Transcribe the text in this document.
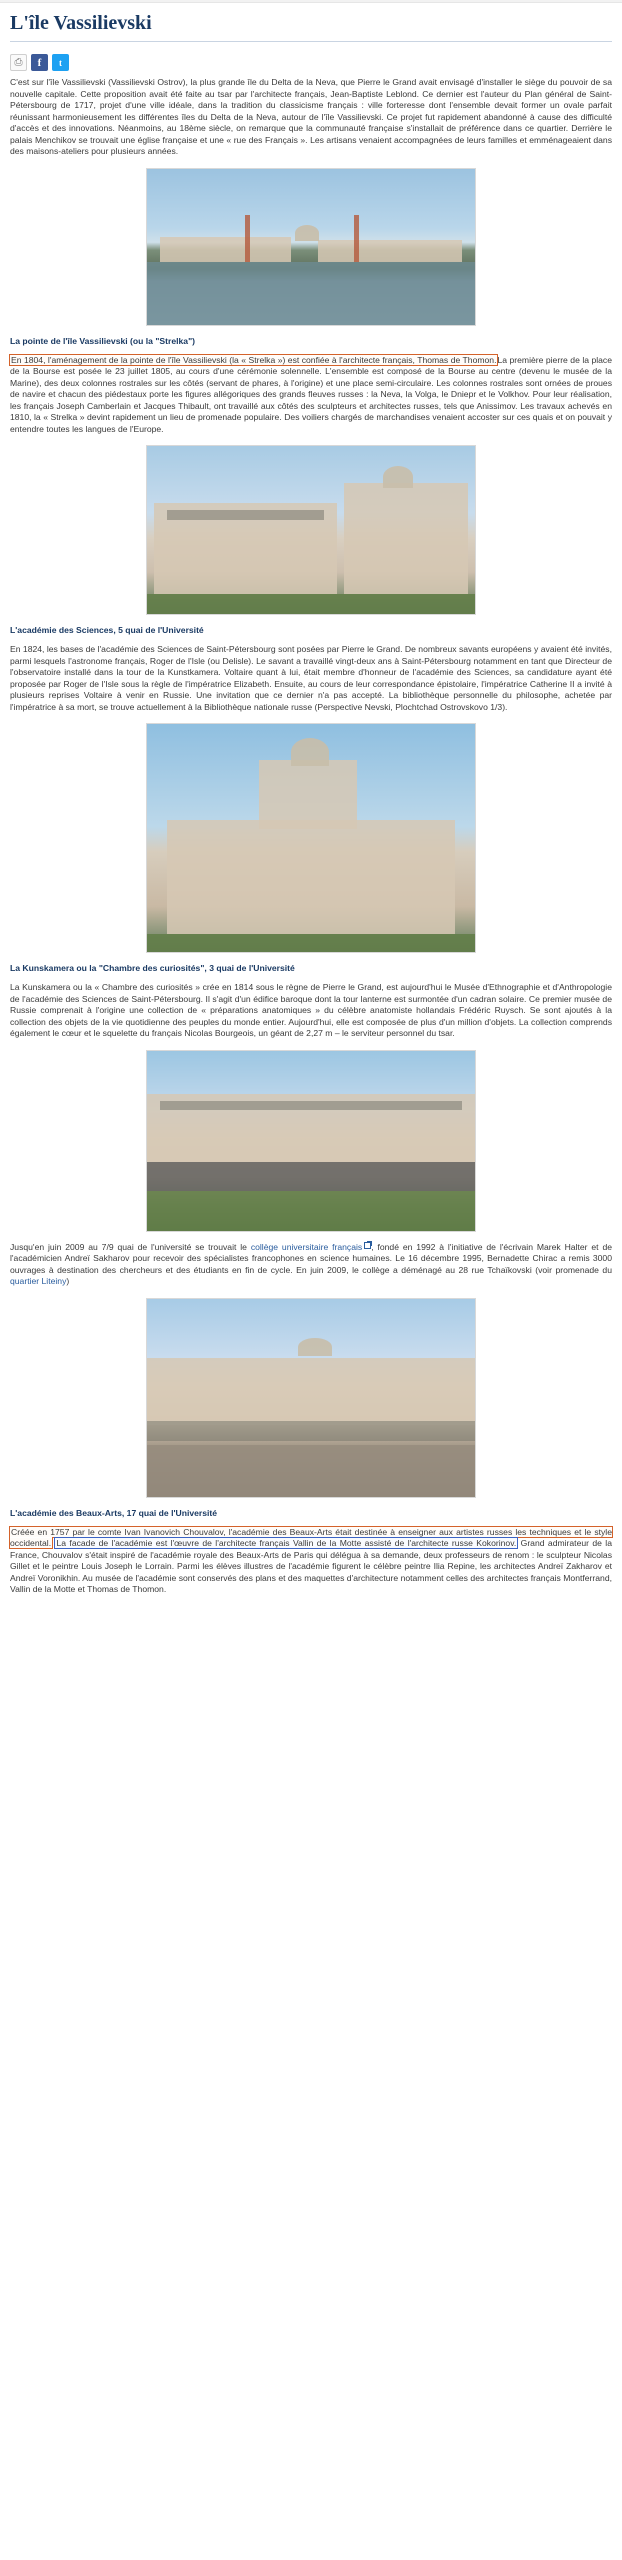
L'île Vassilievski
⎙	f	t

C'est sur l'île Vassilievski (Vassilievski Ostrov), la plus grande île du Delta de la Neva, que Pierre le Grand avait envisagé d'installer le siège du pouvoir de sa nouvelle capitale. Cette proposition avait été faite au tsar par l'architecte français, Jean-Baptiste Leblond. Ce dernier est l'auteur du Plan général de Saint-Pétersbourg de 1717, projet d'une ville idéale, dans la tradition du classicisme français : ville forteresse dont l'ensemble devait former un ovale parfait réunissant harmonieusement les différentes îles du Delta de la Neva, autour de l'île Vassilievski. Ce projet fut rapidement abandonné à cause des difficulté d'accès et des innovations. Néanmoins, au 18ème siècle, on remarque que la communauté française s'installait de préférence dans ce quartier. Derrière le palais Menchikov se trouvait une église française et une « rue des Français ». Les artisans venaient accompagnées de leurs familles et emménageaient dans des maisons-ateliers pour plusieurs années.

La pointe de l'île Vassilievski (ou la "Strelka")

En 1804, l'aménagement de la pointe de l'île Vassilievski (la « Strelka ») est confiée à l'architecte français, Thomas de Thomon.La première pierre de la place de la Bourse est posée le 23 juillet 1805, au cours d'une cérémonie solennelle. L'ensemble est composé de la Bourse au centre (devenu le musée de la Marine), des deux colonnes rostrales sur les côtés (servant de phares, à l'origine) et une place semi-circulaire. Les colonnes rostrales sont ornées de proues de navire et chacun des piédestaux porte les figures allégoriques des grands fleuves russes : la Neva, la Volga, le Dniepr et le Volkhov. Pour leur réalisation, les français Joseph Camberlain et Jacques Thibault, ont travaillé aux côtés des sculpteurs et architectes russes, tels que Anissimov. Les travaux achevés en 1810, la « Strelka » devint rapidement un lieu de promenade populaire. Des voiliers chargés de marchandises venaient accoster sur ces quais et on pouvait y entendre toutes les langues de l'Europe.

L'académie des Sciences, 5 quai de l'Université

En 1824, les bases de l'académie des Sciences de Saint-Pétersbourg sont posées par Pierre le Grand. De nombreux savants européens y avaient été invités, parmi lesquels l'astronome français, Roger de l'Isle (ou Delisle). Le savant a travaillé vingt-deux ans à Saint-Pétersbourg notamment en tant que Directeur de l'observatoire installé dans la tour de la Kunstkamera. Voltaire quant à lui, était membre d'honneur de l'académie des Sciences, sa candidature ayant été proposée par Roger de l'Isle sous la règle de l'impératrice Elizabeth. Ensuite, au cours de leur correspondance épistolaire, l'impératrice Catherine II a invité à plusieurs reprises Voltaire à venir en Russie. Une invitation que ce dernier n'a pas accepté. La bibliothèque personnelle du philosophe, achetée par l'impératrice à sa mort, se trouve actuellement à la Bibliothèque nationale russe (Perspective Nevski, Plochtchad Ostrovskovo 1/3).

La Kunskamera ou la "Chambre des curiosités", 3 quai de l'Université

La Kunskamera ou la « Chambre des curiosités » crée en 1814 sous le règne de Pierre le Grand, est aujourd'hui le Musée d'Ethnographie et d'Anthropologie de l'académie des Sciences de Saint-Pétersbourg. Il s'agit d'un édifice baroque dont la tour lanterne est surmontée d'un cadran solaire. Ce premier musée de Russie comprenait à l'origine une collection de « préparations anatomiques » du célèbre anatomiste hollandais Frédéric Ruysch. Se sont ajoutés à la collection des objets de la vie quotidienne des peuples du monde entier. Aujourd'hui, elle est composée de plus d'un million d'objets. La collection comprends également le cœur et le squelette du français Nicolas Bourgeois, un géant de 2,27 m – le serviteur personnel du tsar.

Jusqu'en juin 2009 au 7/9 quai de l'université se trouvait le collège universitaire français , fondé en 1992 à l'initiative de l'écrivain Marek Halter et de l'académicien Andreï Sakharov pour recevoir des spécialistes francophones en science humaines. Le 16 décembre 1995, Bernadette Chirac a remis 3000 ouvrages à destination des chercheurs et des étudiants en fin de cycle. En juin 2009, le collège a déménagé au 28 rue Tchaïkovski (voir promenade du quartier Liteiny)

L'académie des Beaux-Arts, 17 quai de l'Université

Créée en 1757 par le comte Ivan Ivanovich Chouvalov, l'académie des Beaux-Arts était destinée à enseigner aux artistes russes les techniques et le style occidental. La facade de l'académie est l'œuvre de l'architecte français Vallin de la Motte assisté de l'architecte russe Kokorinov. Grand admirateur de la France, Chouvalov s'était inspiré de l'académie royale des Beaux-Arts de Paris qui délégua à sa demande, deux professeurs de renom : le sculpteur Nicolas Gillet et le peintre Louis Joseph le Lorrain. Parmi les élèves illustres de l'académie figurent le célèbre peintre Ilia Repine, les architectes Andreï Zakharov et Andreï Voronikhin. Au musée de l'académie sont conservés des plans et des maquettes d'architecture notamment celles des architectes français Montferrand, Vallin de la Motte et Thomas de Thomon.
